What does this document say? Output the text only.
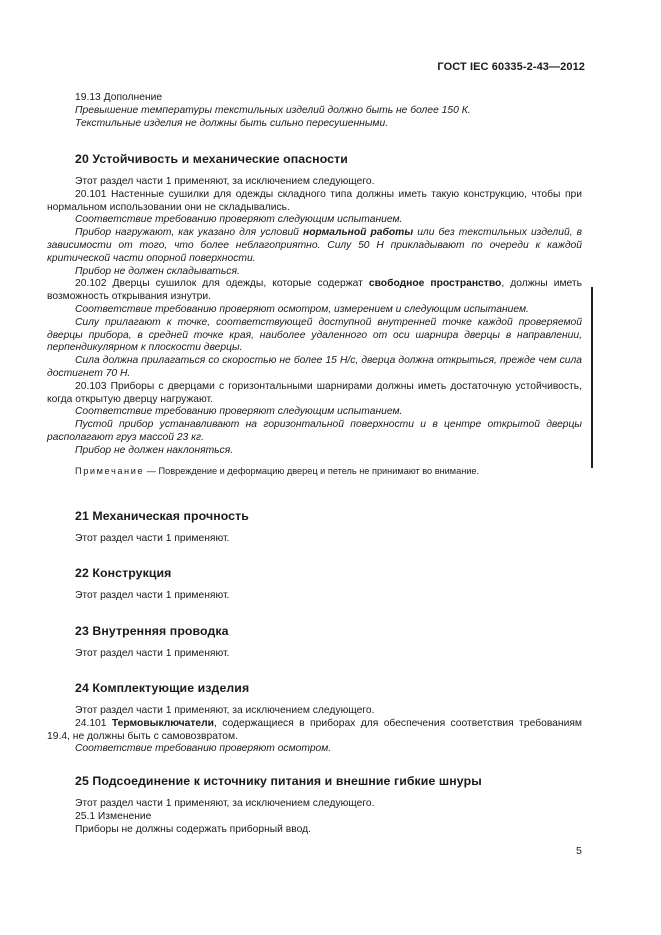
ГОСТ IEC 60335-2-43—2012

19.13 Дополнение

Превышение температуры текстильных изделий должно быть не более 150 К.

Текстильные изделия не должны быть сильно пересушенными.

20 Устойчивость и механические опасности

Этот раздел части 1 применяют, за исключением следующего.

20.101 Настенные сушилки для одежды складного типа должны иметь такую конструкцию, чтобы при нормальном использовании они не складывались.

Соответствие требованию проверяют следующим испытанием.

Прибор нагружают, как указано для условий нормальной работы или без текстильных изделий, в зависимости от того, что более неблагоприятно. Силу 50 Н прикладывают по очереди к каждой критической части опорной поверхности.

Прибор не должен складываться.

20.102 Дверцы сушилок для одежды, которые содержат свободное пространство, должны иметь возможность открывания изнутри.

Соответствие требованию проверяют осмотром, измерением и следующим испытанием.

Силу прилагают к точке, соответствующей доступной внутренней точке каждой проверяемой дверцы прибора, в средней точке края, наиболее удаленного от оси шарнира дверцы в направлении, перпендикулярном к плоскости дверцы.

Сила должна прилагаться со скоростью не более 15 Н/с, дверца должна открыться, прежде чем сила достигнет 70 Н.

20.103 Приборы с дверцами с горизонтальными шарнирами должны иметь достаточную устойчивость, когда открытую дверцу нагружают.

Соответствие требованию проверяют следующим испытанием.

Пустой прибор устанавливают на горизонтальной поверхности и в центре открытой дверцы располагают груз массой 23 кг.

Прибор не должен наклоняться.

Примечание — Повреждение и деформацию дверец и петель не принимают во внимание.

21 Механическая прочность

Этот раздел части 1 применяют.

22 Конструкция

Этот раздел части 1 применяют.

23 Внутренняя проводка

Этот раздел части 1 применяют.

24 Комплектующие изделия

Этот раздел части 1 применяют, за исключением следующего.

24.101 Термовыключатели, содержащиеся в приборах для обеспечения соответствия требованиям 19.4, не должны быть с самовозвратом.

Соответствие требованию проверяют осмотром.

25 Подсоединение к источнику питания и внешние гибкие шнуры

Этот раздел части 1 применяют, за исключением следующего.

25.1 Изменение

Приборы не должны содержать приборный ввод.

5
